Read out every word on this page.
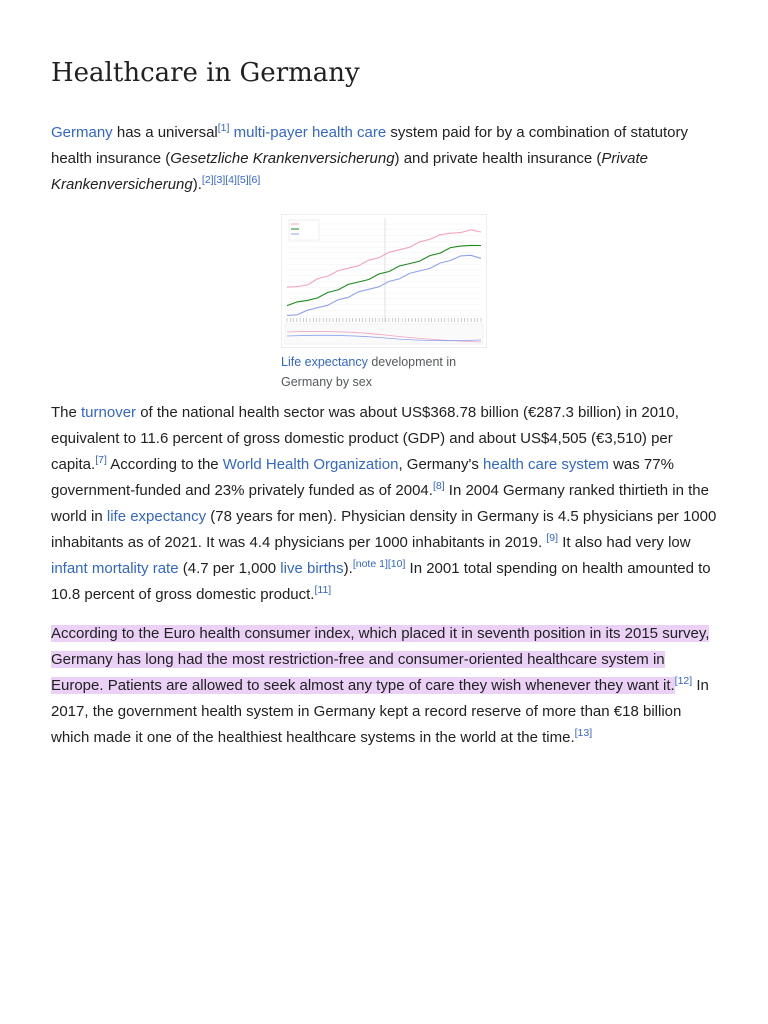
Healthcare in Germany

Germany has a universal[1] multi-payer health care system paid for by a combination of statutory health insurance (Gesetzliche Krankenversicherung) and private health insurance (Private Krankenversicherung).[2][3][4][5][6]

Life expectancy development in Germany by sex

The turnover of the national health sector was about US$368.78 billion (€287.3 billion) in 2010, equivalent to 11.6 percent of gross domestic product (GDP) and about US$4,505 (€3,510) per capita.[7] According to the World Health Organization, Germany's health care system was 77% government-funded and 23% privately funded as of 2004.[8] In 2004 Germany ranked thirtieth in the world in life expectancy (78 years for men). Physician density in Germany is 4.5 physicians per 1000 inhabitants as of 2021. It was 4.4 physicians per 1000 inhabitants in 2019. [9] It also had very low infant mortality rate (4.7 per 1,000 live births).[note 1][10] In 2001 total spending on health amounted to 10.8 percent of gross domestic product.[11]

According to the Euro health consumer index, which placed it in seventh position in its 2015 survey, Germany has long had the most restriction-free and consumer-oriented healthcare system in Europe. Patients are allowed to seek almost any type of care they wish whenever they want it.[12] In 2017, the government health system in Germany kept a record reserve of more than €18 billion which made it one of the healthiest healthcare systems in the world at the time.[13]
